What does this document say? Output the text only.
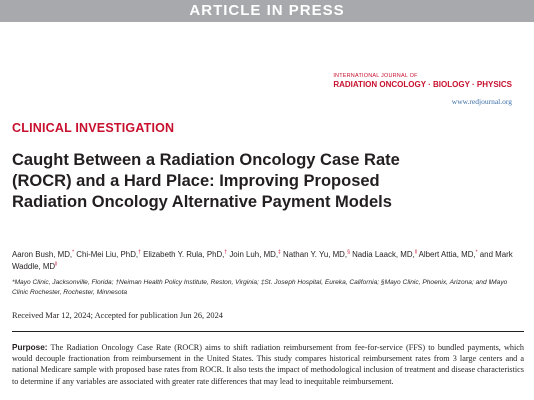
ARTICLE IN PRESS
INTERNATIONAL JOURNAL OF
RADIATION ONCOLOGY · BIOLOGY · PHYSICS
www.redjournal.org
CLINICAL INVESTIGATION
Caught Between a Radiation Oncology Case Rate (ROCR) and a Hard Place: Improving Proposed Radiation Oncology Alternative Payment Models
Aaron Bush, MD,* Chi-Mei Liu, PhD,† Elizabeth Y. Rula, PhD,† Join Luh, MD,‡ Nathan Y. Yu, MD,§ Nadia Laack, MD,‖ Albert Attia, MD,* and Mark Waddle, MD‖
*Mayo Clinic, Jacksonville, Florida; †Neiman Health Policy Institute, Reston, Virginia; ‡St. Joseph Hospital, Eureka, California; §Mayo Clinic, Phoenix, Arizona; and ‖Mayo Clinic Rochester, Rochester, Minnesota
Received Mar 12, 2024; Accepted for publication Jun 26, 2024
Purpose: The Radiation Oncology Case Rate (ROCR) aims to shift radiation reimbursement from fee-for-service (FFS) to bundled payments, which would decouple fractionation from reimbursement in the United States. This study compares historical reimbursement rates from 3 large centers and a national Medicare sample with proposed base rates from ROCR. It also tests the impact of methodological inclusion of treatment and disease characteristics to determine if any variables are associated with greater rate differences that may lead to inequitable reimbursement.
